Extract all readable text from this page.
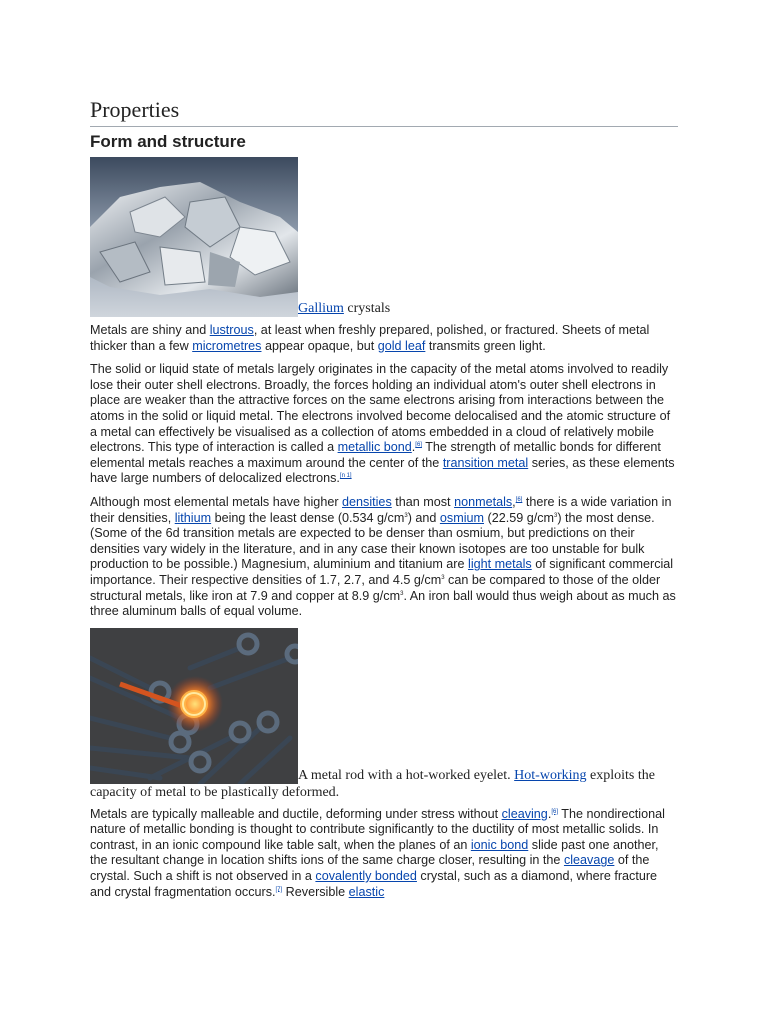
Properties
Form and structure
Gallium crystals

Metals are shiny and lustrous, at least when freshly prepared, polished, or fractured. Sheets of metal thicker than a few micrometres appear opaque, but gold leaf transmits green light.

The solid or liquid state of metals largely originates in the capacity of the metal atoms involved to readily lose their outer shell electrons. Broadly, the forces holding an individual atom's outer shell electrons in place are weaker than the attractive forces on the same electrons arising from interactions between the atoms in the solid or liquid metal. The electrons involved become delocalised and the atomic structure of a metal can effectively be visualised as a collection of atoms embedded in a cloud of relatively mobile electrons. This type of interaction is called a metallic bond.[6] The strength of metallic bonds for different elemental metals reaches a maximum around the center of the transition metal series, as these elements have large numbers of delocalized electrons.[n 1]

Although most elemental metals have higher densities than most nonmetals,[6] there is a wide variation in their densities, lithium being the least dense (0.534 $g/cm^3$) and osmium (22.59 $g/cm^3$) the most dense. (Some of the 6d transition metals are expected to be denser than osmium, but predictions on their densities vary widely in the literature, and in any case their known isotopes are too unstable for bulk production to be possible.) Magnesium, aluminium and titanium are light metals of significant commercial importance. Their respective densities of 1.7, 2.7, and 4.5 $g/cm^3$ can be compared to those of the older structural metals, like iron at 7.9 and copper at 8.9 $g/cm^3$. An iron ball would thus weigh about as much as three aluminum balls of equal volume.

A metal rod with a hot-worked eyelet. Hot-working exploits the capacity of metal to be plastically deformed.

Metals are typically malleable and ductile, deforming under stress without cleaving.[6] The nondirectional nature of metallic bonding is thought to contribute significantly to the ductility of most metallic solids. In contrast, in an ionic compound like table salt, when the planes of an ionic bond slide past one another, the resultant change in location shifts ions of the same charge closer, resulting in the cleavage of the crystal. Such a shift is not observed in a covalently bonded crystal, such as a diamond, where fracture and crystal fragmentation occurs.[7] Reversible elastic
